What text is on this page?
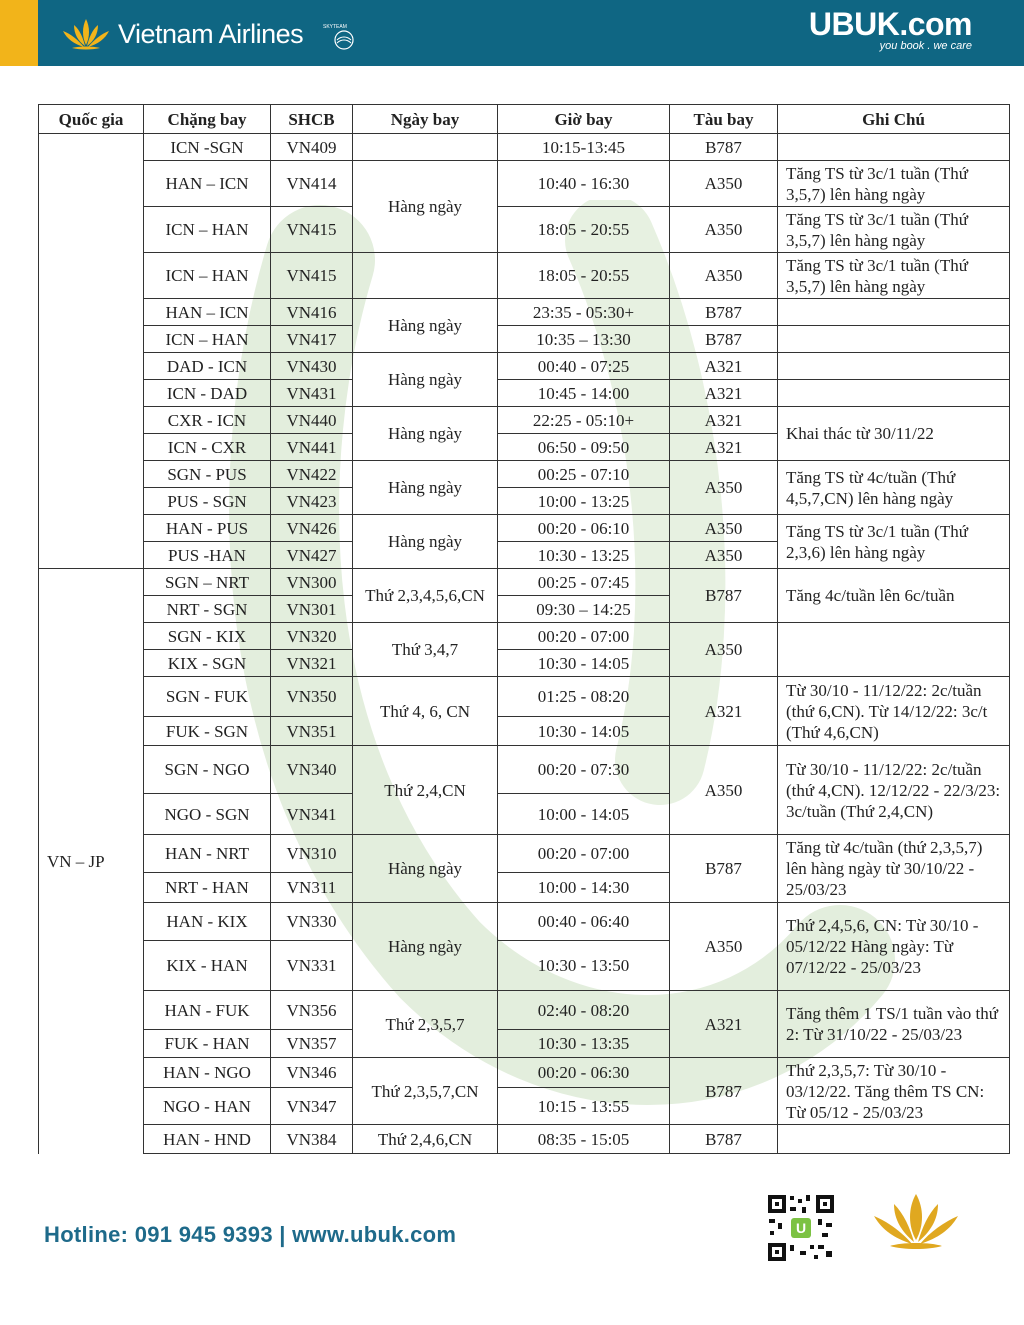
Vietnam Airlines	SKYTEAM	UBUK.com
you book . we care
Quốc gia	Chặng bay	SHCB	Ngày bay	Giờ bay	Tàu bay	Ghi Chú
	ICN -SGN	VN409		10:15-13:45	B787	
	HAN – ICN	VN414	Hàng ngày	10:40 - 16:30	A350	Tăng TS từ 3c/1 tuần (Thứ 3,5,7) lên hàng ngày
	ICN – HAN	VN415		18:05 - 20:55	A350	Tăng TS từ 3c/1 tuần (Thứ 3,5,7) lên hàng ngày
	ICN – HAN	VN415		18:05 - 20:55	A350	Tăng TS từ 3c/1 tuần (Thứ 3,5,7) lên hàng ngày
	HAN – ICN	VN416	Hàng ngày	23:35 - 05:30+	B787	
	ICN – HAN	VN417		10:35 – 13:30	B787	
	DAD - ICN	VN430	Hàng ngày	00:40 - 07:25	A321	
	ICN - DAD	VN431		10:45 - 14:00	A321	
	CXR - ICN	VN440	Hàng ngày	22:25 - 05:10+	A321	Khai thác từ 30/11/22
	ICN - CXR	VN441		06:50 - 09:50	A321	
	SGN - PUS	VN422	Hàng ngày	00:25 - 07:10	A350	Tăng TS từ 4c/tuần (Thứ 4,5,7,CN) lên hàng ngày
	PUS - SGN	VN423		10:00 - 13:25		
	HAN - PUS	VN426	Hàng ngày	00:20 - 06:10	A350	Tăng TS từ 3c/1 tuần (Thứ 2,3,6) lên hàng ngày
	PUS -HAN	VN427		10:30 - 13:25	A350	
VN – JP	SGN – NRT	VN300	Thứ 2,3,4,5,6,CN	00:25 - 07:45	B787	Tăng 4c/tuần lên 6c/tuần
	NRT - SGN	VN301		09:30 – 14:25		
	SGN - KIX	VN320	Thứ 3,4,7	00:20 - 07:00	A350	
	KIX - SGN	VN321		10:30 - 14:05		
	SGN - FUK	VN350	Thứ 4, 6, CN	01:25 - 08:20	A321	Từ 30/10 - 11/12/22: 2c/tuần (thứ 6,CN). Từ 14/12/22: 3c/t (Thứ 4,6,CN)
	FUK - SGN	VN351		10:30 - 14:05		
	SGN - NGO	VN340	Thứ 2,4,CN	00:20 - 07:30	A350	Từ 30/10 - 11/12/22: 2c/tuần (thứ 4,CN). 12/12/22 - 22/3/23: 3c/tuần (Thứ 2,4,CN)
	NGO - SGN	VN341		10:00 - 14:05		
	HAN - NRT	VN310	Hàng ngày	00:20 - 07:00	B787	Tăng từ 4c/tuần (thứ 2,3,5,7) lên hàng ngày từ 30/10/22 - 25/03/23
	NRT - HAN	VN311		10:00 - 14:30		
	HAN - KIX	VN330	Hàng ngày	00:40 - 06:40	A350	Thứ 2,4,5,6, CN: Từ 30/10 - 05/12/22 Hàng ngày: Từ 07/12/22 - 25/03/23
	KIX - HAN	VN331		10:30 - 13:50		
	HAN - FUK	VN356	Thứ 2,3,5,7	02:40 - 08:20	A321	Tăng thêm 1 TS/1 tuần vào thứ 2: Từ 31/10/22 - 25/03/23
	FUK - HAN	VN357		10:30 - 13:35		
	HAN - NGO	VN346	Thứ 2,3,5,7,CN	00:20 - 06:30	B787	Thứ 2,3,5,7: Từ 30/10 - 03/12/22. Tăng thêm TS CN: Từ 05/12 - 25/03/23
	NGO - HAN	VN347		10:15 - 13:55		
	HAN - HND	VN384	Thứ 2,4,6,CN	08:35 - 15:05	B787	
Hotline: 091 945 9393 | www.ubuk.com	U
